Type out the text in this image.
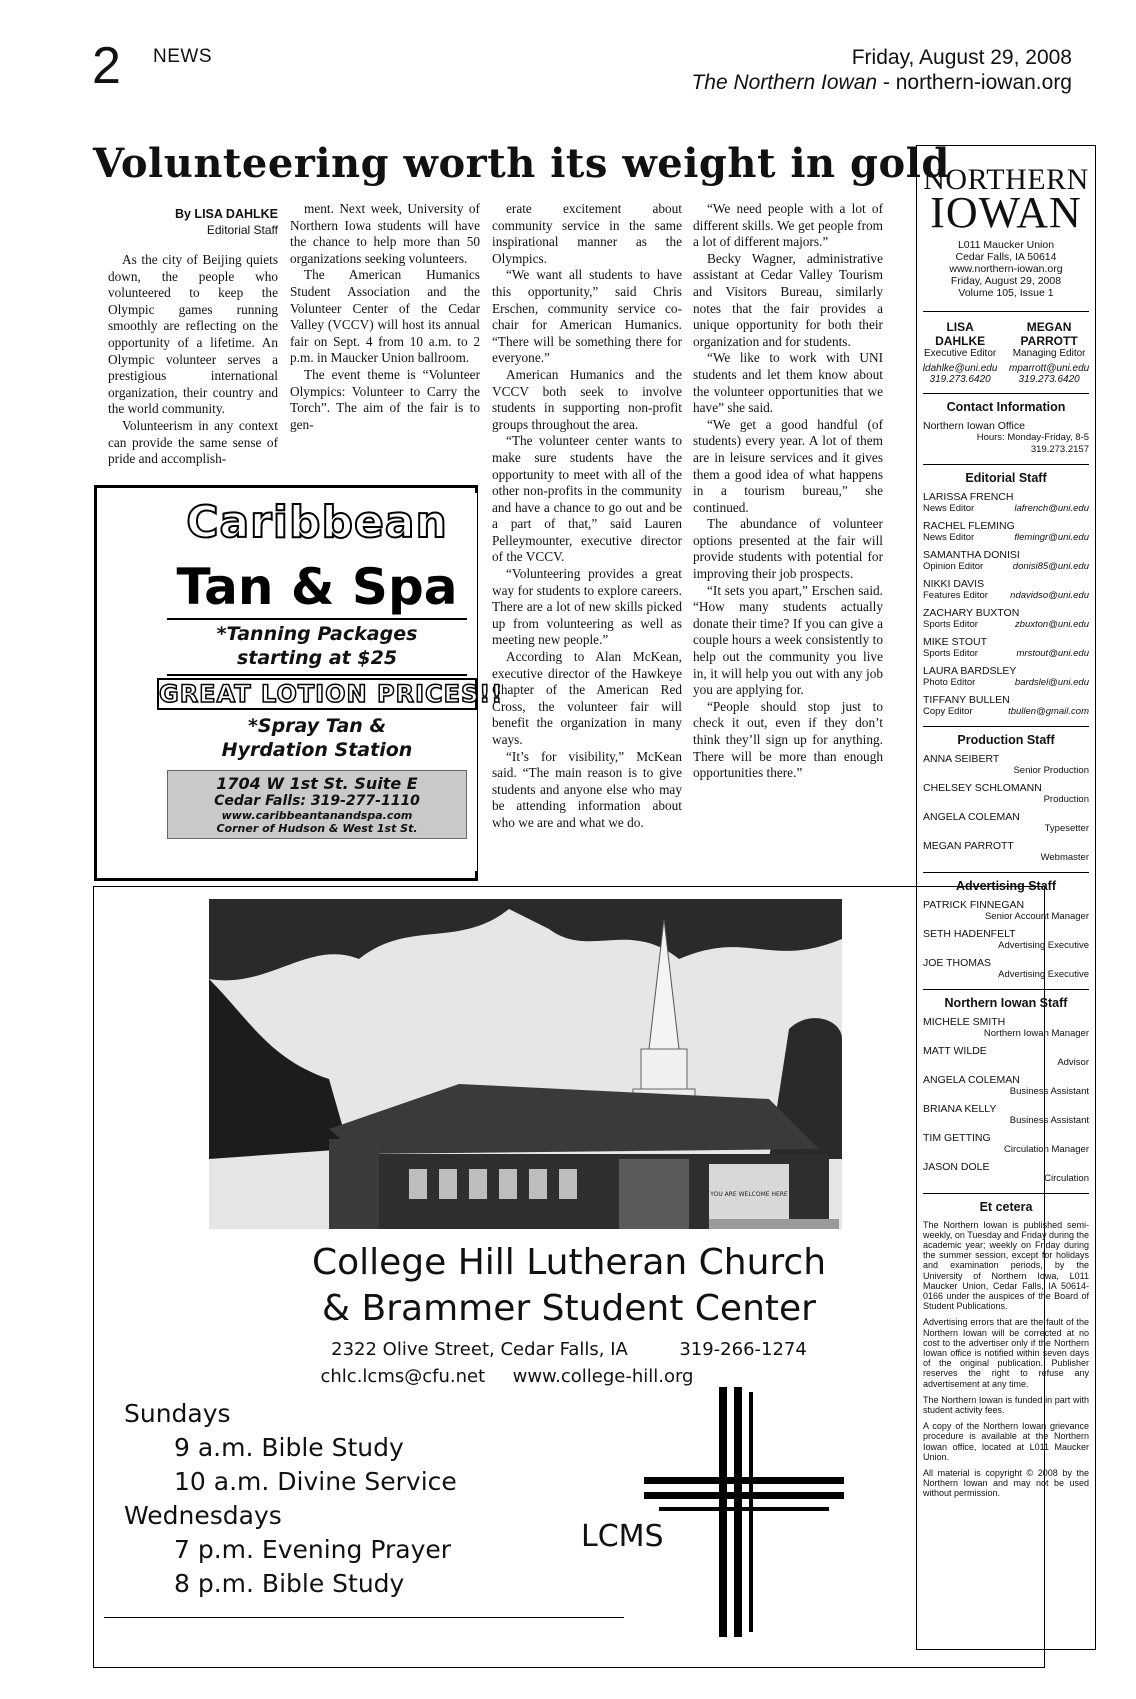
2 NEWS	Friday, August 29, 2008
The Northern Iowan - northern-iowan.org
Volunteering worth its weight in gold
By LISA DAHLKE
Editorial Staff

As the city of Beijing quiets down, the people who volunteered to keep the Olympic games running smoothly are reflecting on the opportunity of a lifetime. An Olympic volunteer serves a prestigious international organization, their country and the world community.

Volunteerism in any context can provide the same sense of pride and accomplish-

ment. Next week, University of Northern Iowa students will have the chance to help more than 50 organizations seeking volunteers.

The American Humanics Student Association and the Volunteer Center of the Cedar Valley (VCCV) will host its annual fair on Sept. 4 from 10 a.m. to 2 p.m. in Maucker Union ballroom.

The event theme is “Volunteer Olympics: Volunteer to Carry the Torch”. The aim of the fair is to gen-

erate excitement about community service in the same inspirational manner as the Olympics.

“We want all students to have this opportunity,” said Chris Erschen, community service co-chair for American Humanics. “There will be something there for everyone.”

American Humanics and the VCCV both seek to involve students in supporting non-profit groups throughout the area.

“The volunteer center wants to make sure students have the opportunity to meet with all of the other non-profits in the community and have a chance to go out and be a part of that,” said Lauren Pelleymounter, executive director of the VCCV.

“Volunteering provides a great way for students to explore careers. There are a lot of new skills picked up from volunteering as well as meeting new people.”

According to Alan McKean, executive director of the Hawkeye Chapter of the American Red Cross, the volunteer fair will benefit the organization in many ways.

“It’s for visibility,” McKean said. “The main reason is to give students and anyone else who may be attending information about who we are and what we do.

“We need people with a lot of different skills. We get people from a lot of different majors.”

Becky Wagner, administrative assistant at Cedar Valley Tourism and Visitors Bureau, similarly notes that the fair provides a unique opportunity for both their organization and for students.

“We like to work with UNI students and let them know about the volunteer opportunities that we have” she said.

“We get a good handful (of students) every year. A lot of them are in leisure services and it gives them a good idea of what happens in a tourism bureau,” she continued.

The abundance of volunteer options presented at the fair will provide students with potential for improving their job prospects.

“It sets you apart,” Erschen said. “How many students actually donate their time? If you can give a couple hours a week consistently to help out the community you live in, it will help you out with any job you are applying for.

“People should stop just to check it out, even if they don’t think they’ll sign up for anything. There will be more than enough opportunities there.”

Caribbean
Tan & Spa
*Tanning Packages
starting at $25
GREAT LOTION PRICES!!
*Spray Tan &
Hyrdation Station
1704 W 1st St. Suite E
Cedar Falls: 319-277-1110
www.caribbeantanandspa.com
Corner of Hudson & West 1st St.
YOU ARE WELCOME HERE
College Hill Lutheran Church
& Brammer Student Center
2322 Olive Street, Cedar Falls, IA	319-266-1274
chlc.lcms@cfu.net www.college-hill.org
Sundays
9 a.m. Bible Study
10 a.m. Divine Service
Wednesdays
7 p.m. Evening Prayer
8 p.m. Bible Study
LCMS
NORTHERN
IOWAN
L011 Maucker Union
Cedar Falls, IA 50614
www.northern-iowan.org
Friday, August 29, 2008
Volume 105, Issue 1
LISA
DAHLKE
Executive Editor
ldahlke@uni.edu
319.273.6420
MEGAN
PARROTT
Managing Editor
mparrott@uni.edu
319.273.6420
Contact Information
Northern Iowan Office
Hours: Monday-Friday, 8-5
319.273.2157
Editorial Staff
LARISSA FRENCH
News Editor	lafrench@uni.edu
RACHEL FLEMING
News Editor	flemingr@uni.edu
SAMANTHA DONISI
Opinion Editor	donisi85@uni.edu
NIKKI DAVIS
Features Editor ndavidso@uni.edu
ZACHARY BUXTON
Sports Editor	zbuxton@uni.edu
MIKE STOUT
Sports Editor	mrstout@uni.edu
LAURA BARDSLEY
Photo Editor	bardslel@uni.edu
TIFFANY BULLEN
Copy Editor	tbullen@gmail.com
Production Staff
ANNA SEIBERT
Senior Production
CHELSEY SCHLOMANN
Production
ANGELA COLEMAN
Typesetter
MEGAN PARROTT
Webmaster
Advertising Staff
PATRICK FINNEGAN
Senior Account Manager
SETH HADENFELT
Advertising Executive
JOE THOMAS
Advertising Executive
Northern Iowan Staff
MICHELE SMITH
Northern Iowan Manager
MATT WILDE
Advisor
ANGELA COLEMAN
Business Assistant
BRIANA KELLY
Business Assistant
TIM GETTING
Circulation Manager
JASON DOLE
Circulation
Et cetera

The Northern Iowan is published semi-weekly, on Tuesday and Friday during the academic year; weekly on Friday during the summer session, except for holidays and examination periods, by the University of Northern Iowa, L011 Maucker Union, Cedar Falls, IA 50614-0166 under the auspices of the Board of Student Publications.

Advertising errors that are the fault of the Northern Iowan will be corrected at no cost to the advertiser only if the Northern Iowan office is notified within seven days of the original publication. Publisher reserves the right to refuse any advertisement at any time.

The Northern Iowan is funded in part with student activity fees.

A copy of the Northern Iowan grievance procedure is available at the Northern Iowan office, located at L011 Maucker Union.

All material is copyright © 2008 by the Northern Iowan and may not be used without permission.
